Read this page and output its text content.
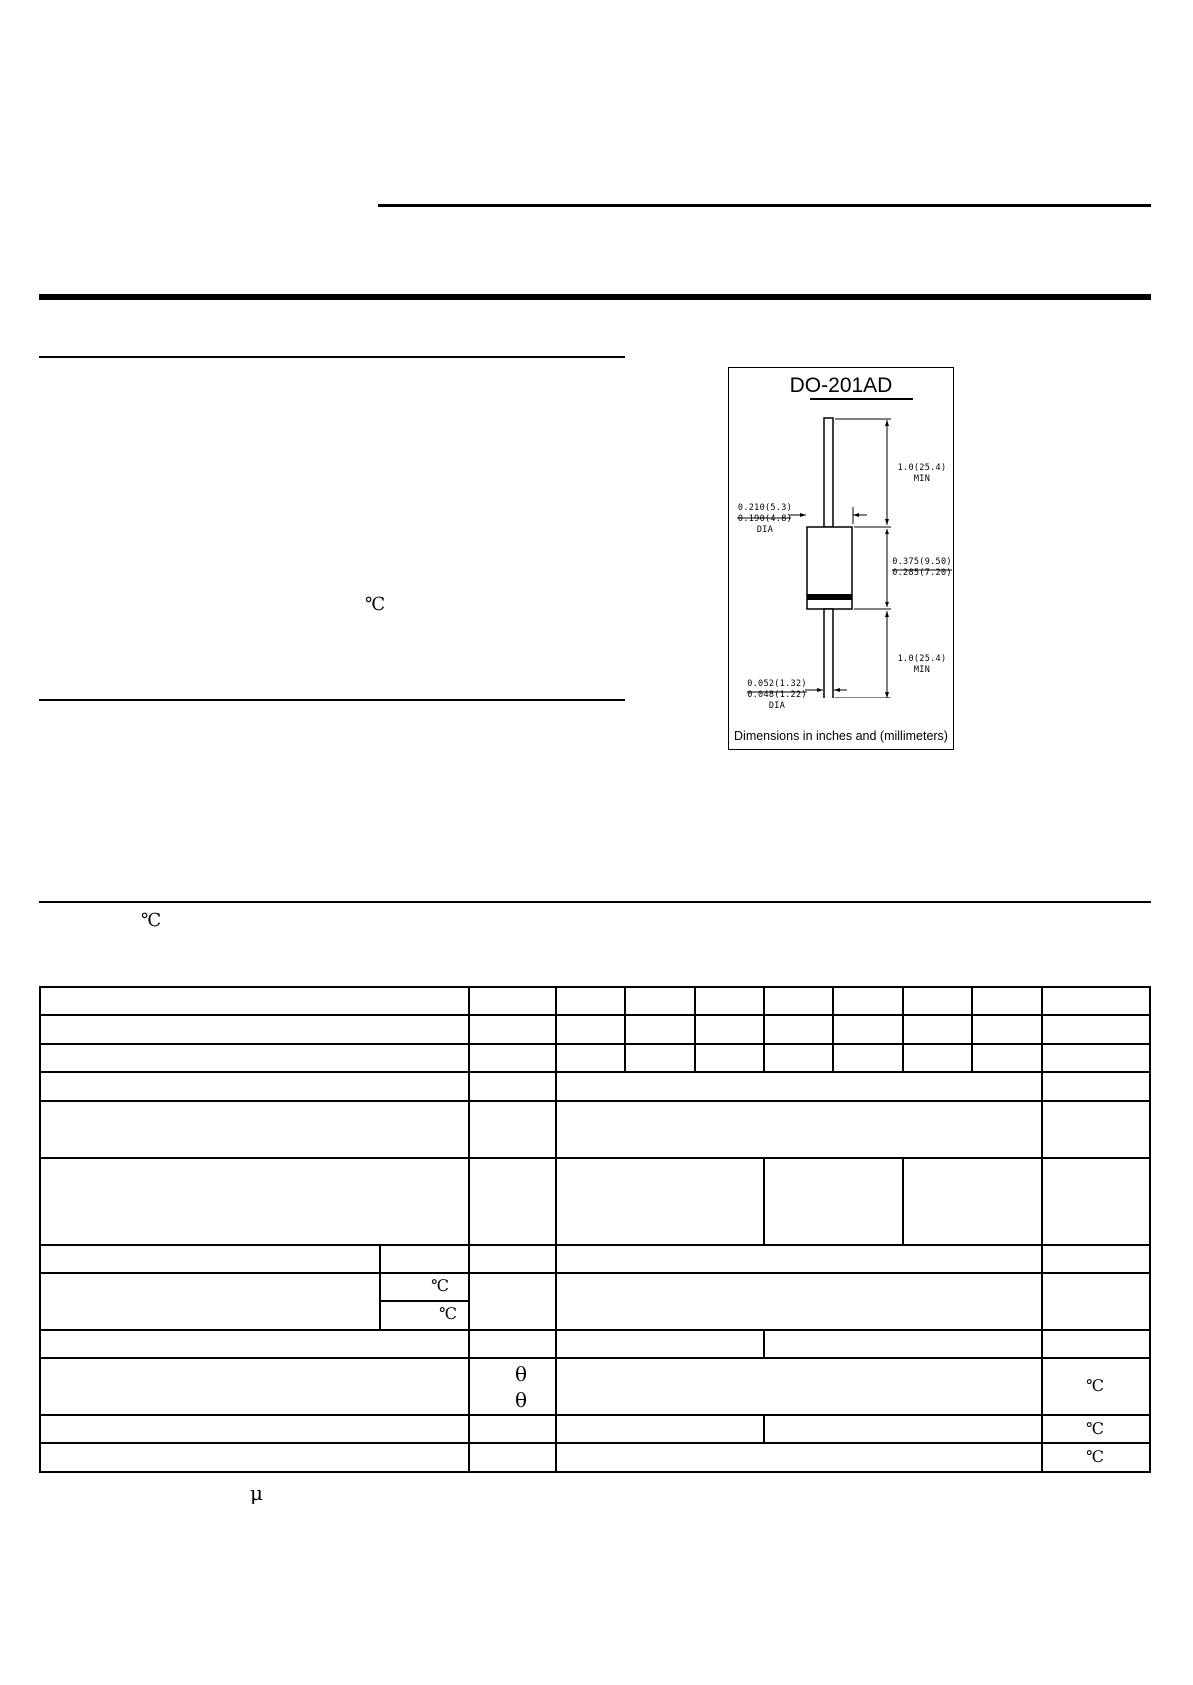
℃
DO-201AD
1.0(25.4)
MIN
0.210(5.3)
0.190(4.8)
DIA
0.375(9.50)
0.285(7.20)
1.0(25.4)
MIN
0.052(1.32)
0.048(1.22)
DIA
Dimensions in inches and (millimeters)
℃
℃
℃
θ
θ
℃
℃
℃
μ
